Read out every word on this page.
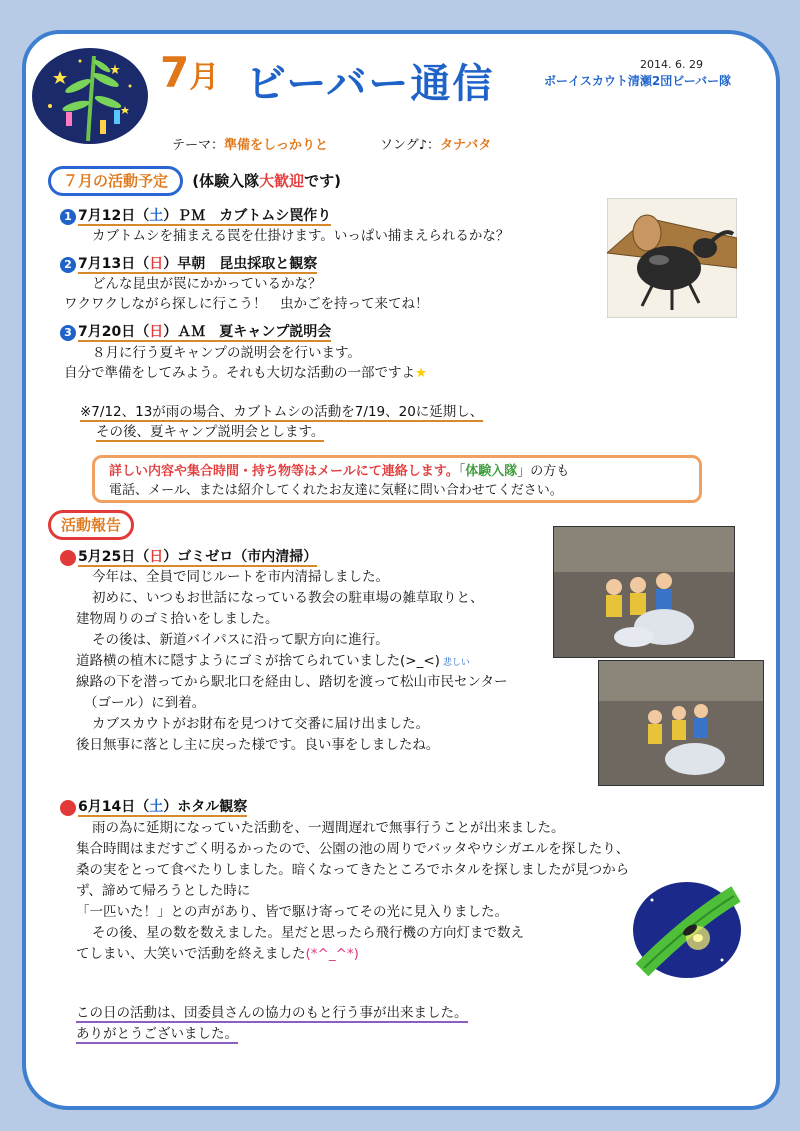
7月 ビーバー通信	2014. 6. 29
ボーイスカウト清瀬2団ビーバー隊
テーマ：準備をしっかりと	ソング♪：タナバタ
７月の活動予定 (体験入隊大歓迎です)
1 7月12日（土）ＰＭ　カブトムシ罠作り
カブトムシを捕まえる罠を仕掛けます。いっぱい捕まえられるかな？
2 7月13日（日）早朝　昆虫採取と観察
どんな昆虫が罠にかかっているかな？
ワクワクしながら探しに行こう！　虫かごを持って来てね！
3 7月20日（日）ＡＭ　夏キャンプ説明会
８月に行う夏キャンプの説明会を行います。
自分で準備をしてみよう。それも大切な活動の一部ですよ★
※7/12、13が雨の場合、カブトムシの活動を7/19、20に延期し、
その後、夏キャンプ説明会とします。
詳しい内容や集合時間・持ち物等はメールにて連絡します。「体験入隊」の方も
電話、メール、または紹介してくれたお友達に気軽に問い合わせてください。
活動報告
1 5月25日（日）ゴミゼロ（市内清掃）
今年は、全員で同じルートを市内清掃しました。
初めに、いつもお世話になっている教会の駐車場の雑草取りと、
建物周りのゴミ拾いをしました。
その後は、新道バイパスに沿って駅方向に進行。
道路横の植木に隠すようにゴミが捨てられていました(>_<) 悲しい
線路の下を潜ってから駅北口を経由し、踏切を渡って松山市民センター
（ゴール）に到着。
カブスカウトがお財布を見つけて交番に届け出ました。
後日無事に落とし主に戻った様です。良い事をしましたね。
2 6月14日（土）ホタル観察
雨の為に延期になっていた活動を、一週間遅れで無事行うことが出来ました。
集合時間はまだすごく明るかったので、公園の池の周りでバッタやウシガエルを探したり、
桑の実をとって食べたりしました。暗くなってきたところでホタルを探しましたが見つから
ず、諦めて帰ろうとした時に
「一匹いた！」との声があり、皆で駆け寄ってその光に見入りました。
その後、星の数を数えました。星だと思ったら飛行機の方向灯まで数え
てしまい、大笑いで活動を終えました(*^_^*)
この日の活動は、団委員さんの協力のもと行う事が出来ました。
ありがとうございました。
